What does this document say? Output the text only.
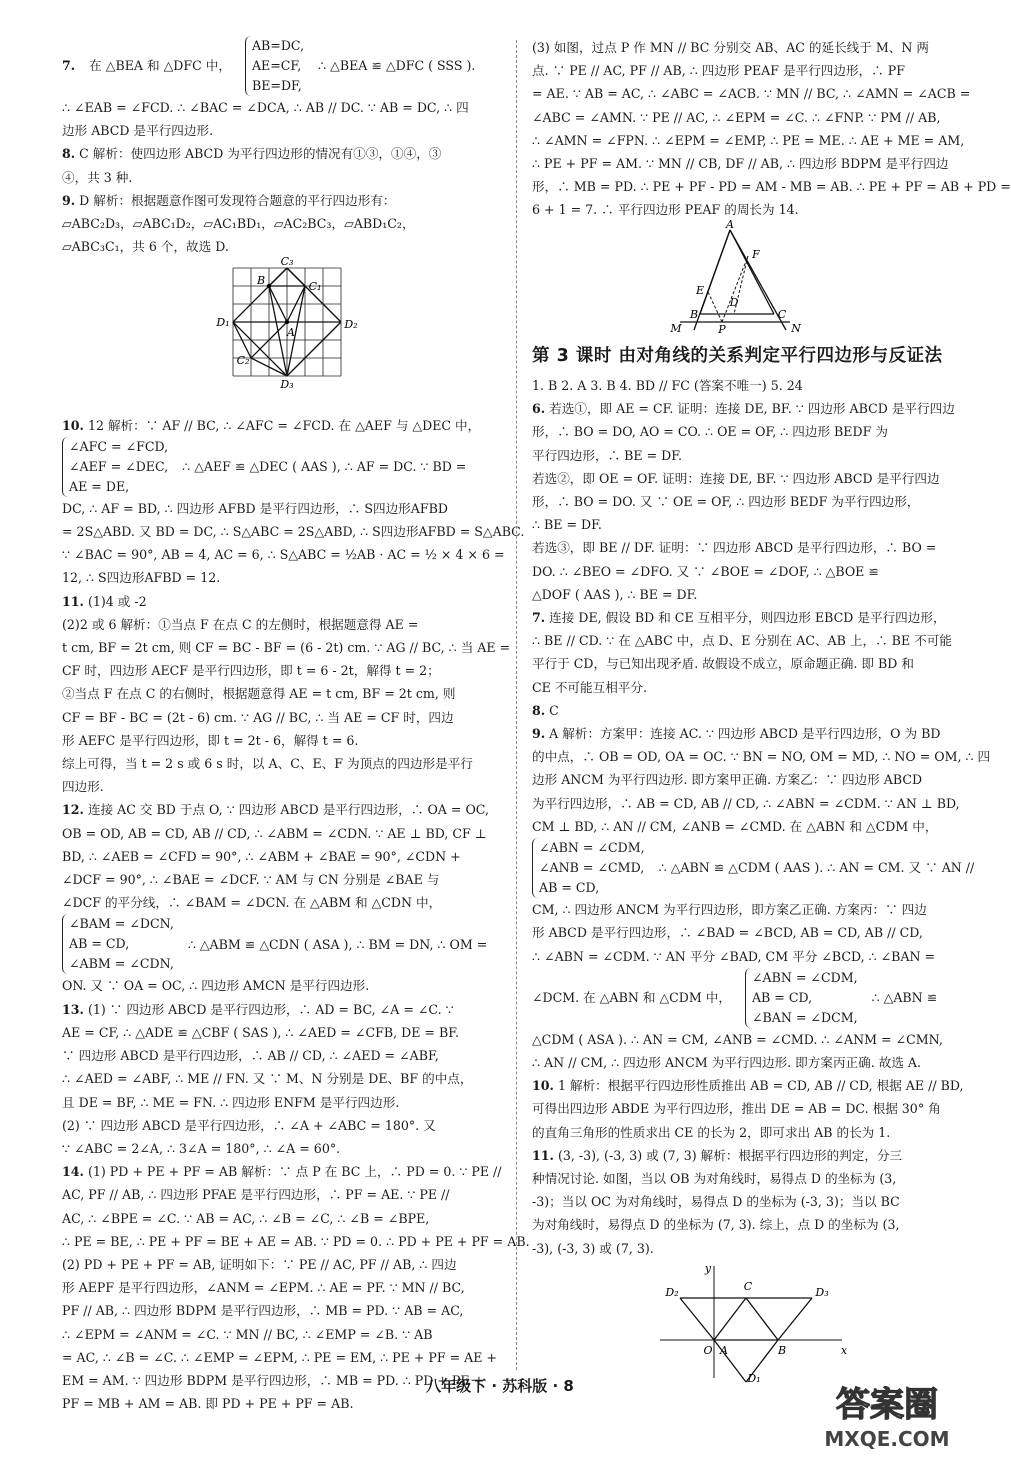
7. 在 △BEA 和 △DFC 中，

AB=DC,

AE=CF,

BE=DF,

∴ △BEA ≌ △DFC ( SSS ).

∴ ∠EAB = ∠FCD. ∴ ∠BAC = ∠DCA, ∴ AB // DC. ∵ AB = DC, ∴ 四

边形 ABCD 是平行四边形.

8. C 解析：使四边形 ABCD 为平行四边形的情况有①③，①④，③

④，共 3 种.

9. D 解析：根据题意作图可发现符合题意的平行四边形有：

▱ABC₂D₃，▱ABC₁D₂，▱AC₁BD₁，▱AC₂BC₃，▱ABD₁C₂，

▱ABC₃C₁，共 6 个，故选 D.

C₃
B	C₁
D₁
A
D₂
C₂
D₃

10. 12 解析：∵ AF // BC, ∴ ∠AFC = ∠FCD. 在 △AEF 与 △DEC 中，

∠AFC = ∠FCD,

∠AEF = ∠DEC,

AE = DE,

∴ △AEF ≌ △DEC ( AAS ), ∴ AF = DC. ∵ BD =

DC, ∴ AF = BD, ∴ 四边形 AFBD 是平行四边形，∴ S四边形AFBD

= 2S△ABD. 又 BD = DC, ∴ S△ABC = 2S△ABD, ∴ S四边形AFBD = S△ABC.

∵ ∠BAC = 90°, AB = 4, AC = 6, ∴ S△ABC = ½AB · AC = ½ × 4 × 6 =

12, ∴ S四边形AFBD = 12.

11. (1)4 或 -2

(2)2 或 6 解析：①当点 F 在点 C 的左侧时，根据题意得 AE =

t cm, BF = 2t cm, 则 CF = BC - BF = (6 - 2t) cm. ∵ AG // BC, ∴ 当 AE =

CF 时，四边形 AECF 是平行四边形，即 t = 6 - 2t，解得 t = 2；

②当点 F 在点 C 的右侧时，根据题意得 AE = t cm, BF = 2t cm, 则

CF = BF - BC = (2t - 6) cm. ∵ AG // BC, ∴ 当 AE = CF 时，四边

形 AEFC 是平行四边形，即 t = 2t - 6，解得 t = 6.

综上可得，当 t = 2 s 或 6 s 时，以 A、C、E、F 为顶点的四边形是平行

四边形.

12. 连接 AC 交 BD 于点 O, ∵ 四边形 ABCD 是平行四边形，∴ OA = OC,

OB = OD, AB = CD, AB // CD, ∴ ∠ABM = ∠CDN. ∵ AE ⊥ BD, CF ⊥

BD, ∴ ∠AEB = ∠CFD = 90°, ∴ ∠ABM + ∠BAE = 90°, ∠CDN +

∠DCF = 90°, ∴ ∠BAE = ∠DCF. ∵ AM 与 CN 分别是 ∠BAE 与

∠DCF 的平分线，∴ ∠BAM = ∠DCN. 在 △ABM 和 △CDN 中，

∠BAM = ∠DCN,

AB = CD,

∠ABM = ∠CDN,

∴ △ABM ≌ △CDN ( ASA ), ∴ BM = DN, ∴ OM =

ON. 又 ∵ OA = OC, ∴ 四边形 AMCN 是平行四边形.

13. (1) ∵ 四边形 ABCD 是平行四边形，∴ AD = BC, ∠A = ∠C. ∵

AE = CF, ∴ △ADE ≌ △CBF ( SAS ), ∴ ∠AED = ∠CFB, DE = BF.

∵ 四边形 ABCD 是平行四边形，∴ AB // CD, ∴ ∠AED = ∠ABF,

∴ ∠AED = ∠ABF, ∴ ME // FN. 又 ∵ M、N 分别是 DE、BF 的中点，

且 DE = BF, ∴ ME = FN. ∴ 四边形 ENFM 是平行四边形.

(2) ∵ 四边形 ABCD 是平行四边形，∴ ∠A + ∠ABC = 180°. 又

∵ ∠ABC = 2∠A, ∴ 3∠A = 180°, ∴ ∠A = 60°.

14. (1) PD + PE + PF = AB 解析：∵ 点 P 在 BC 上，∴ PD = 0. ∵ PE //

AC, PF // AB, ∴ 四边形 PFAE 是平行四边形，∴ PF = AE. ∵ PE //

AC, ∴ ∠BPE = ∠C. ∵ AB = AC, ∴ ∠B = ∠C, ∴ ∠B = ∠BPE,

∴ PE = BE, ∴ PE + PF = BE + AE = AB. ∵ PD = 0. ∴ PD + PE + PF = AB.

(2) PD + PE + PF = AB, 证明如下：∵ PE // AC, PF // AB, ∴ 四边

形 AEPF 是平行四边形，∠ANM = ∠EPM. ∴ AE = PF. ∵ MN // BC,

PF // AB, ∴ 四边形 BDPM 是平行四边形，∴ MB = PD. ∵ AB = AC,

∴ ∠EPM = ∠ANM = ∠C. ∵ MN // BC, ∴ ∠EMP = ∠B. ∵ AB

= AC, ∴ ∠B = ∠C. ∴ ∠EMP = ∠EPM, ∴ PE = EM, ∴ PE + PF = AE +

EM = AM. ∵ 四边形 BDPM 是平行四边形，∴ MB = PD. ∴ PD + PE +

PF = MB + AM = AB. 即 PD + PE + PF = AB.

(3) 如图，过点 P 作 MN // BC 分别交 AB、AC 的延长线于 M、N 两

点. ∵ PE // AC, PF // AB, ∴ 四边形 PEAF 是平行四边形，∴ PF

= AE. ∵ AB = AC, ∴ ∠ABC = ∠ACB. ∵ MN // BC, ∴ ∠AMN = ∠ACB =

∠ABC = ∠AMN. ∵ PE // AC, ∴ ∠EPM = ∠C. ∴ ∠FNP. ∵ PM // AB,

∴ ∠AMN = ∠FPN. ∴ ∠EPM = ∠EMP, ∴ PE = ME. ∴ AE + ME = AM,

∴ PE + PF = AM. ∵ MN // CB, DF // AB, ∴ 四边形 BDPM 是平行四边

形，∴ MB = PD. ∴ PE + PF - PD = AM - MB = AB. ∴ PE + PF = AB + PD =

6 + 1 = 7. ∴ 平行四边形 PEAF 的周长为 14.

A
F
E
B
D
C
M	P	N
第 3 课时 由对角线的关系判定平行四边形与反证法

1. B 2. A 3. B 4. BD // FC (答案不唯一) 5. 24

6. 若选①，即 AE = CF. 证明：连接 DE, BF. ∵ 四边形 ABCD 是平行四边

形，∴ BO = DO, AO = CO. ∴ OE = OF, ∴ 四边形 BEDF 为

平行四边形，∴ BE = DF.

若选②，即 OE = OF. 证明：连接 DE, BF. ∵ 四边形 ABCD 是平行四边

形，∴ BO = DO. 又 ∵ OE = OF, ∴ 四边形 BEDF 为平行四边形，

∴ BE = DF.

若选③，即 BE // DF. 证明：∵ 四边形 ABCD 是平行四边形，∴ BO =

DO. ∴ ∠BEO = ∠DFO. 又 ∵ ∠BOE = ∠DOF, ∴ △BOE ≌

△DOF ( AAS ), ∴ BE = DF.

7. 连接 DE, 假设 BD 和 CE 互相平分，则四边形 EBCD 是平行四边形，

∴ BE // CD. ∵ 在 △ABC 中，点 D、E 分别在 AC、AB 上，∴ BE 不可能

平行于 CD，与已知出现矛盾. 故假设不成立，原命题正确. 即 BD 和

CE 不可能互相平分.

8. C

9. A 解析：方案甲：连接 AC. ∵ 四边形 ABCD 是平行四边形，O 为 BD

的中点，∴ OB = OD, OA = OC. ∵ BN = NO, OM = MD, ∴ NO = OM, ∴ 四

边形 ANCM 为平行四边形. 即方案甲正确. 方案乙：∵ 四边形 ABCD

为平行四边形，∴ AB = CD, AB // CD, ∴ ∠ABN = ∠CDM. ∵ AN ⊥ BD,

CM ⊥ BD, ∴ AN // CM, ∠ANB = ∠CMD. 在 △ABN 和 △CDM 中，

∠ABN = ∠CDM,

∠ANB = ∠CMD,

AB = CD,

∴ △ABN ≌ △CDM ( AAS ). ∴ AN = CM. 又 ∵ AN //

CM, ∴ 四边形 ANCM 为平行四边形，即方案乙正确. 方案丙：∵ 四边

形 ABCD 是平行四边形，∴ ∠BAD = ∠BCD, AB = CD, AB // CD,

∴ ∠ABN = ∠CDM. ∵ AN 平分 ∠BAD, CM 平分 ∠BCD, ∴ ∠BAN =

∠DCM. 在 △ABN 和 △CDM 中，

∠ABN = ∠CDM,

AB = CD,

∠BAN = ∠DCM,

∴ △ABN ≌

△CDM ( ASA ). ∴ AN = CM, ∠ANB = ∠CMD. ∴ ∠ANM = ∠CMN,

∴ AN // CM, ∴ 四边形 ANCM 为平行四边形. 即方案丙正确. 故选 A.

10. 1 解析：根据平行四边形性质推出 AB = CD, AB // CD, 根据 AE // BD,

可得出四边形 ABDE 为平行四边形，推出 DE = AB = DC. 根据 30° 角

的直角三角形的性质求出 CE 的长为 2，即可求出 AB 的长为 1.

11. (3, -3), (-3, 3) 或 (7, 3) 解析：根据平行四边形的判定，分三

种情况讨论. 如图，当以 OB 为对角线时，易得点 D 的坐标为 (3,

-3)；当以 OC 为对角线时，易得点 D 的坐标为 (-3, 3)；当以 BC

为对角线时，易得点 D 的坐标为 (7, 3). 综上，点 D 的坐标为 (3,

-3), (-3, 3) 或 (7, 3).

y
D₂	C	D₃
O A	B	x
D₁
八年级下 · 苏科版 · 8	答案圈
MXQE.COM
